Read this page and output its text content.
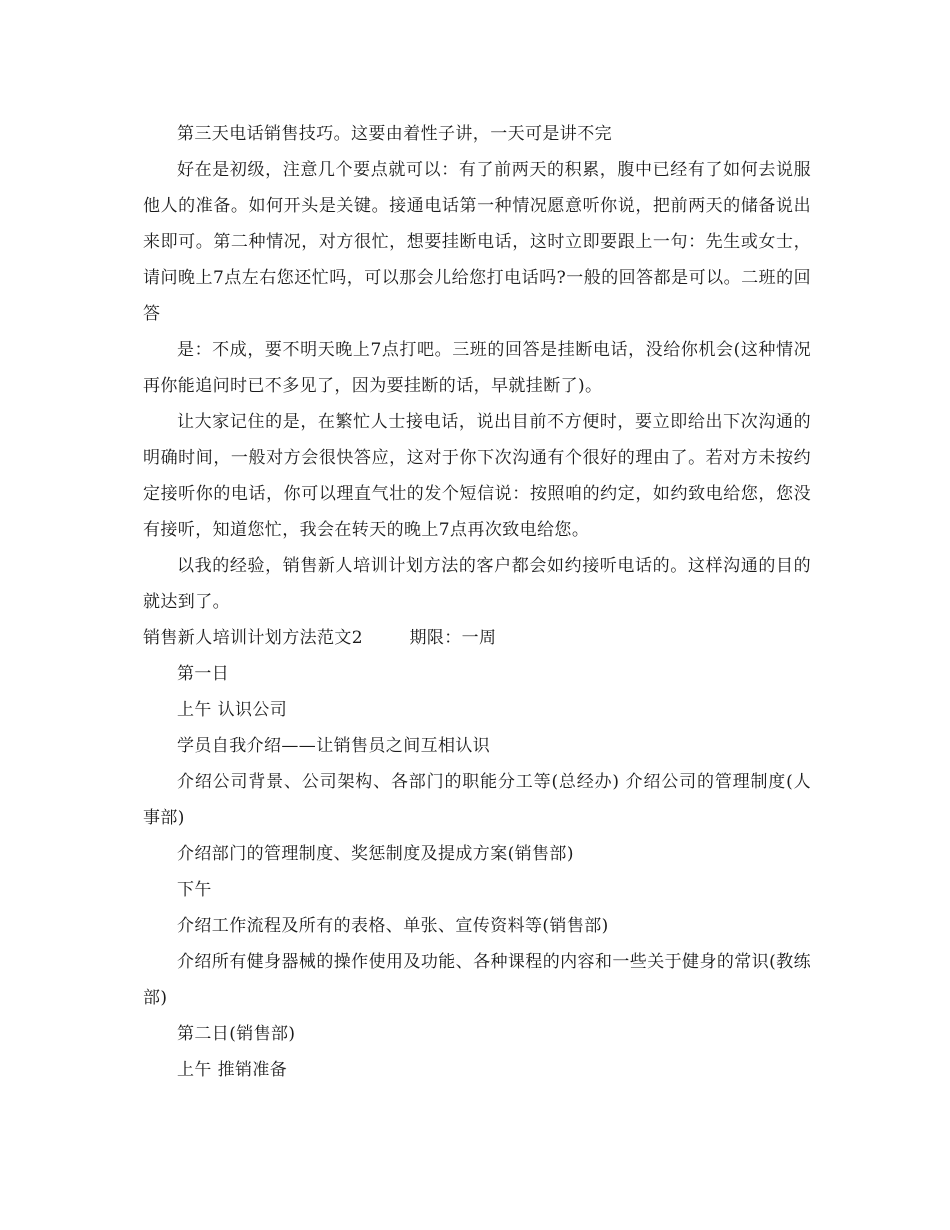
第三天电话销售技巧。这要由着性子讲，一天可是讲不完

好在是初级，注意几个要点就可以：有了前两天的积累，腹中已经有了如何去说服他人的准备。如何开头是关键。接通电话第一种情况愿意听你说，把前两天的储备说出来即可。第二种情况，对方很忙，想要挂断电话，这时立即要跟上一句：先生或女士，请问晚上7点左右您还忙吗，可以那会儿给您打电话吗?一般的回答都是可以。二班的回答

是：不成，要不明天晚上7点打吧。三班的回答是挂断电话，没给你机会(这种情况再你能追问时已不多见了，因为要挂断的话，早就挂断了)。

让大家记住的是，在繁忙人士接电话，说出目前不方便时，要立即给出下次沟通的明确时间，一般对方会很快答应，这对于你下次沟通有个很好的理由了。若对方未按约定接听你的电话，你可以理直气壮的发个短信说：按照咱的约定，如约致电给您，您没有接听，知道您忙，我会在转天的晚上7点再次致电给您。

以我的经验，销售新人培训计划方法的客户都会如约接听电话的。这样沟通的目的就达到了。

销售新人培训计划方法范文2        期限：一周

第一日

上午 认识公司

学员自我介绍——让销售员之间互相认识

介绍公司背景、公司架构、各部门的职能分工等(总经办) 介绍公司的管理制度(人事部)

介绍部门的管理制度、奖惩制度及提成方案(销售部)

下午

介绍工作流程及所有的表格、单张、宣传资料等(销售部)

介绍所有健身器械的操作使用及功能、各种课程的内容和一些关于健身的常识(教练部)

第二日(销售部)

上午 推销准备
